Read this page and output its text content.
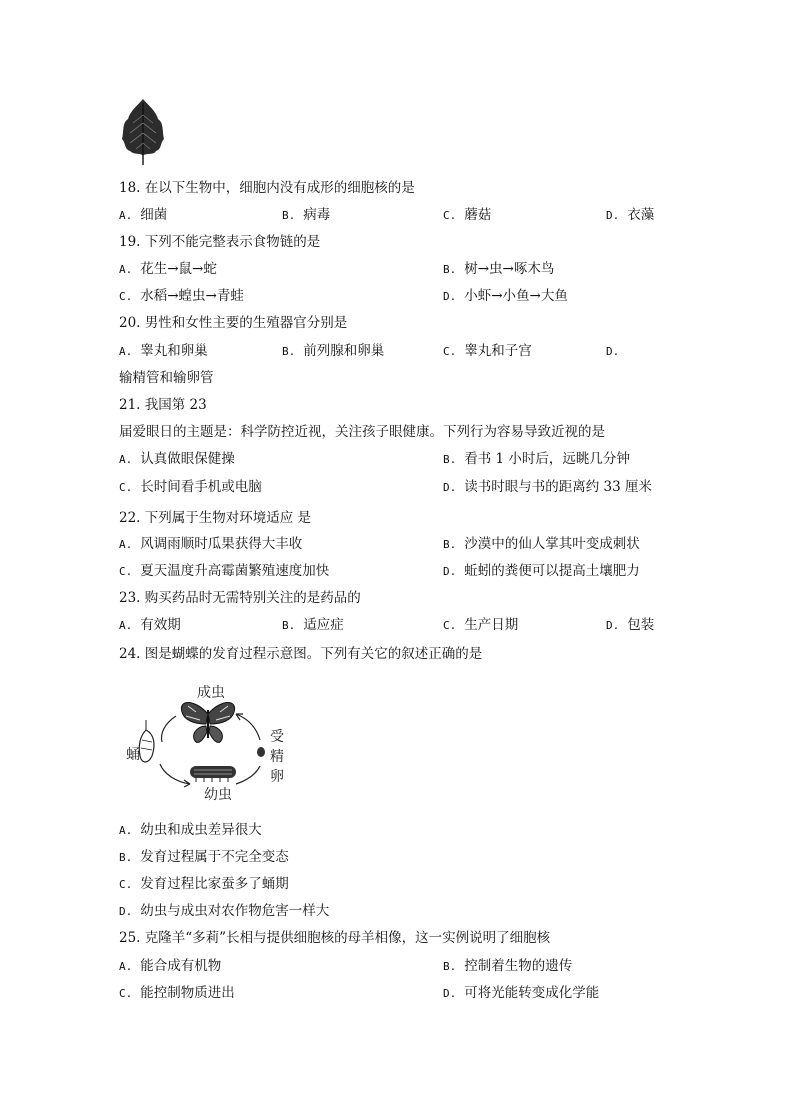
18. 在以下生物中，细胞内没有成形的细胞核的是
A. 细菌	B. 病毒	C. 蘑菇	D. 衣藻
19. 下列不能完整表示食物链的是
A. 花生→鼠→蛇	B. 树→虫→啄木鸟
C. 水稻→蝗虫→青蛙	D. 小虾→小鱼→大鱼
20. 男性和女性主要的生殖器官分别是
A. 睾丸和卵巢	B. 前列腺和卵巢	C. 睾丸和子宫	D.
输精管和输卵管
21. 我国第 23
届爱眼日的主题是：科学防控近视，关注孩子眼健康。下列行为容易导致近视的是
A. 认真做眼保健操	B. 看书 1 小时后，远眺几分钟
C. 长时间看手机或电脑	D. 读书时眼与书的距离约 33 厘米
22. 下列属于生物对环境适应 是
A. 风调雨顺时瓜果获得大丰收	B. 沙漠中的仙人掌其叶变成刺状
C. 夏天温度升高霉菌繁殖速度加快	D. 蚯蚓的粪便可以提高土壤肥力
23. 购买药品时无需特别关注的是药品的
A. 有效期	B. 适应症	C. 生产日期	D. 包装
24. 图是蝴蝶的发育过程示意图。下列有关它的叙述正确的是
成虫
蛹
受
精
卵
幼虫
A. 幼虫和成虫差异很大
B. 发育过程属于不完全变态
C. 发育过程比家蚕多了蛹期
D. 幼虫与成虫对农作物危害一样大
25. 克隆羊“多莉”长相与提供细胞核的母羊相像，这一实例说明了细胞核
A. 能合成有机物	B. 控制着生物的遗传
C. 能控制物质进出	D. 可将光能转变成化学能
